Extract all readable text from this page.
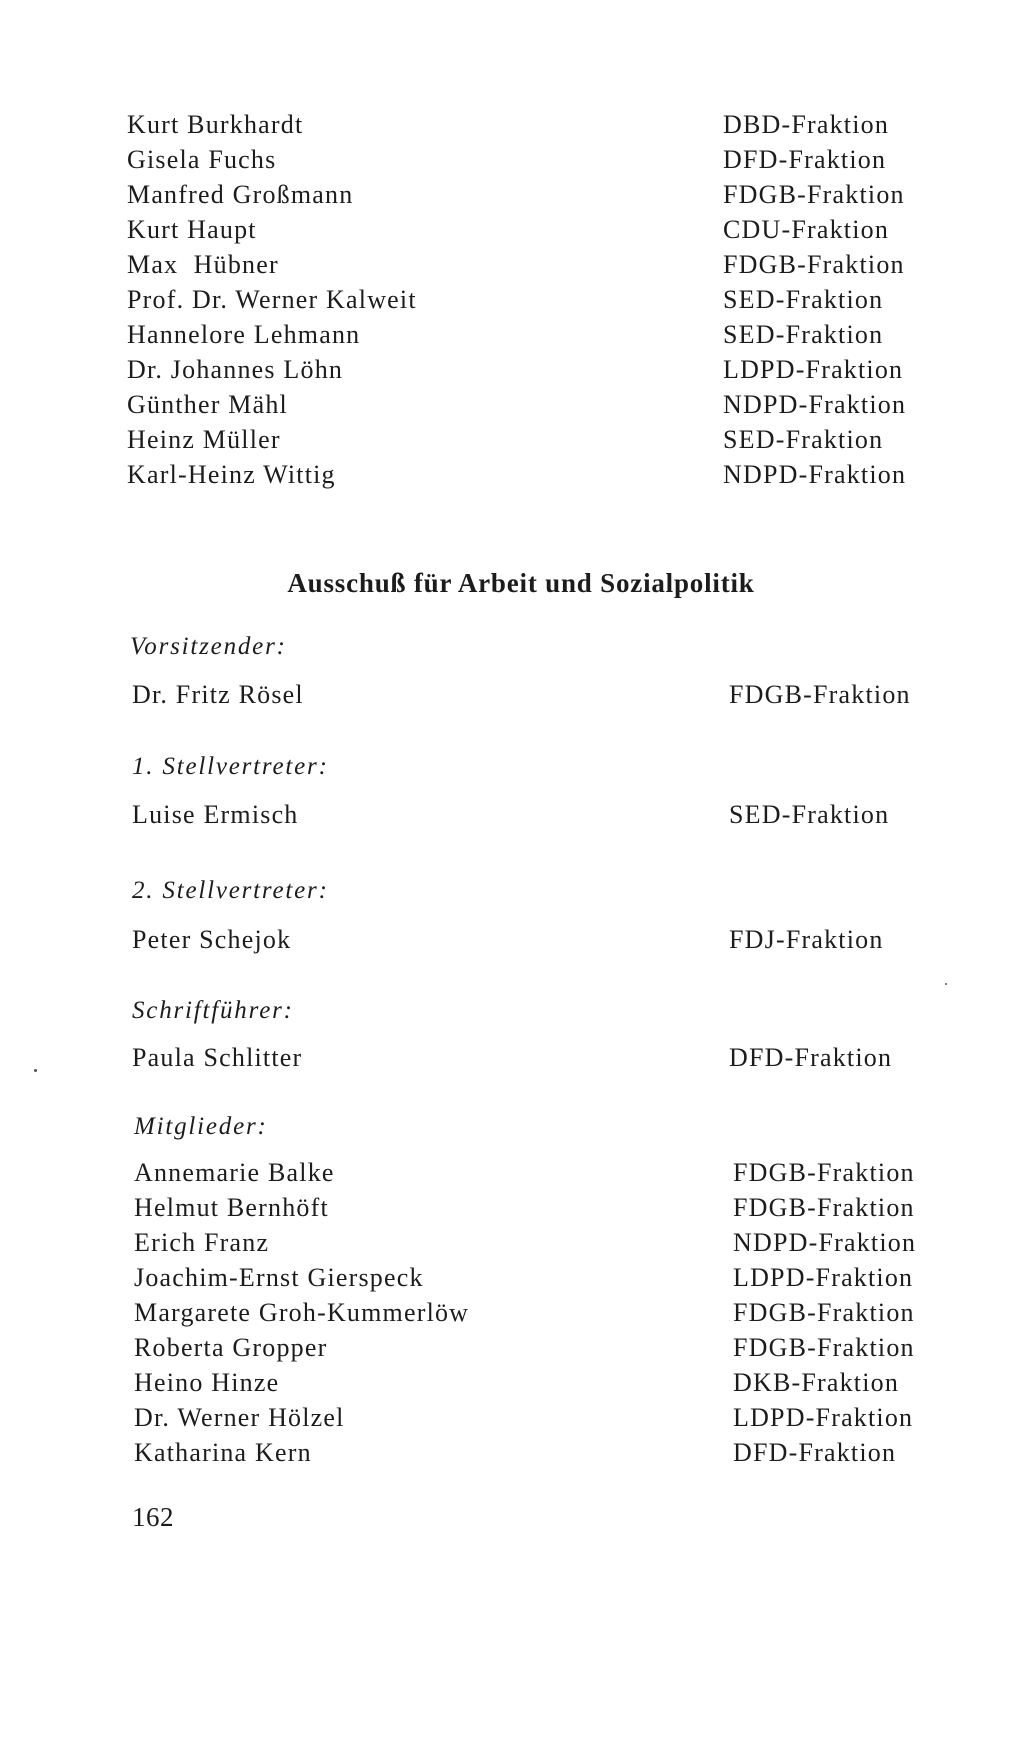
Kurt Burkhardt	DBD-Fraktion
Gisela Fuchs	DFD-Fraktion
Manfred Großmann	FDGB-Fraktion
Kurt Haupt	CDU-Fraktion
Max  Hübner	FDGB-Fraktion
Prof. Dr. Werner Kalweit	SED-Fraktion
Hannelore Lehmann	SED-Fraktion
Dr. Johannes Löhn	LDPD-Fraktion
Günther Mähl	NDPD-Fraktion
Heinz Müller	SED-Fraktion
Karl-Heinz Wittig	NDPD-Fraktion
Ausschuß für Arbeit und Sozialpolitik
Vorsitzender:
Dr. Fritz Rösel	FDGB-Fraktion
1. Stellvertreter:
Luise Ermisch	SED-Fraktion
2. Stellvertreter:
Peter Schejok	FDJ-Fraktion
Schriftführer:
Paula Schlitter	DFD-Fraktion
Mitglieder:
Annemarie Balke	FDGB-Fraktion
Helmut Bernhöft	FDGB-Fraktion
Erich Franz	NDPD-Fraktion
Joachim-Ernst Gierspeck	LDPD-Fraktion
Margarete Groh-Kummerlöw	FDGB-Fraktion
Roberta Gropper	FDGB-Fraktion
Heino Hinze	DKB-Fraktion
Dr. Werner Hölzel	LDPD-Fraktion
Katharina Kern	DFD-Fraktion
162
